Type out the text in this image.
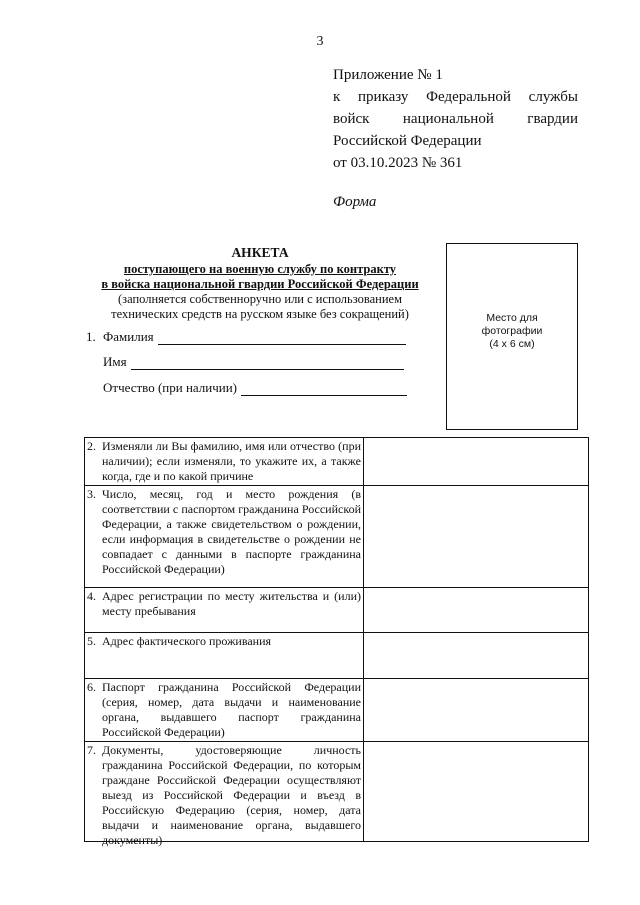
3
Приложение № 1
к приказу Федеральной службы
войск национальной гвардии
Российской Федерации
от 03.10.2023 № 361
Форма
АНКЕТА
поступающего на военную службу по контракту
в войска национальной гвардии Российской Федерации
(заполняется собственноручно или с использованием
технических средств на русском языке без сокращений)
1. Фамилия
Имя
Отчество (при наличии)
Место для
фотографии
(4 х 6 см)
2. Изменяли ли Вы фамилию, имя или отчество (при наличии); если изменяли, то укажите их, а также когда, где и по какой причине
3. Число, месяц, год и место рождения (в соответствии с паспортом гражданина Российской Федерации, а также свидетельством о рождении, если информация в свидетельстве о рождении не совпадает с данными в паспорте гражданина Российской Федерации)
4. Адрес регистрации по месту жительства и (или) месту пребывания
5. Адрес фактического проживания
6. Паспорт гражданина Российской Федерации (серия, номер, дата выдачи и наименование органа, выдавшего паспорт гражданина Российской Федерации)
7. Документы, удостоверяющие личность гражданина Российской Федерации, по которым граждане Российской Федерации осуществляют выезд из Российской Федерации и въезд в Российскую Федерацию (серия, номер, дата выдачи и наименование органа, выдавшего документы)
